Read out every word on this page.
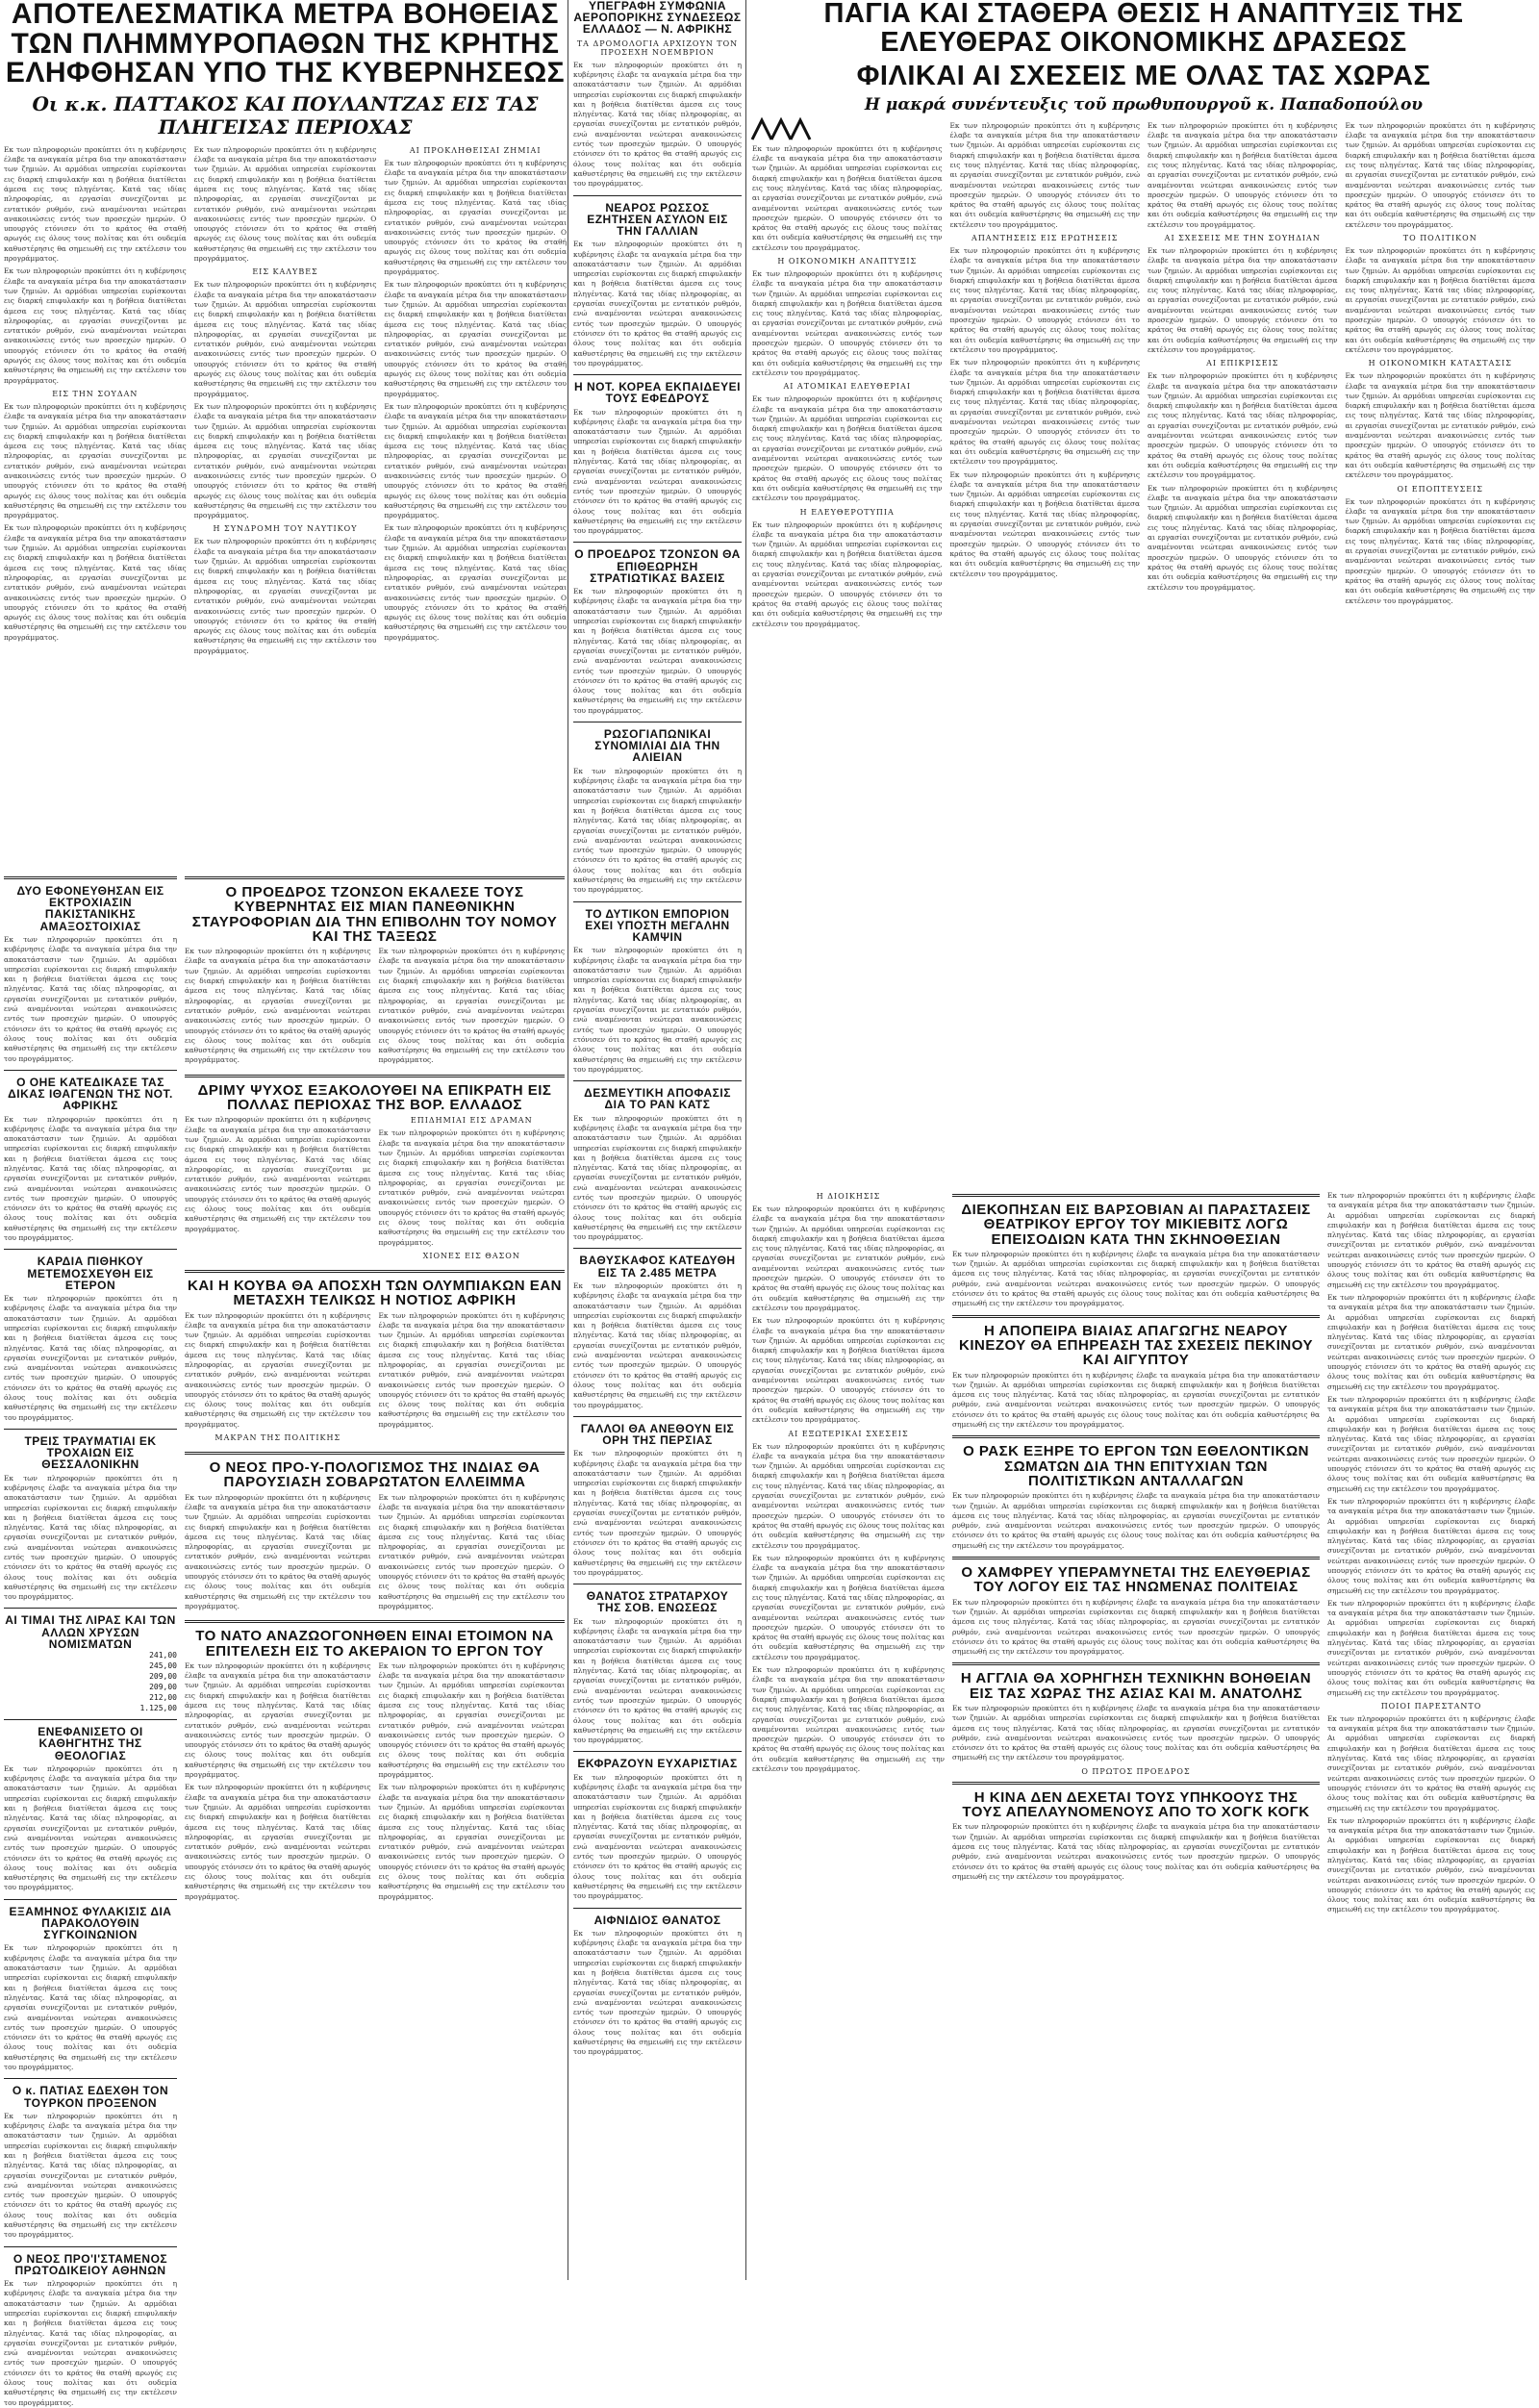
ΑΠΟΤΕΛΕΣΜΑΤΙΚΑ ΜΕΤΡΑ ΒΟΗΘΕΙΑΣ ΤΩΝ ΠΛΗΜΜΥΡΟΠΑΘΩΝ ΤΗΣ ΚΡΗΤΗΣ ΕΛΗΦΘΗΣΑΝ ΥΠΟ ΤΗΣ ΚΥΒΕΡΝΗΣΕΩΣ
Οι κ.κ. ΠΑΤΤΑΚΟΣ ΚΑΙ ΠΟΥΛΑΝΤΖΑΣ ΕΙΣ ΤΑΣ ΠΛΗΓΕΙΣΑΣ ΠΕΡΙΟΧΑΣ

Εκ των πληροφοριών προκύπτει ότι η κυβέρνησις έλαβε τα αναγκαία μέτρα δια την αποκατάστασιν των ζημιών. Αι αρμόδιαι υπηρεσίαι ευρίσκονται εις διαρκή επιφυλακήν και η βοήθεια διατίθεται άμεσα εις τους πληγέντας. Κατά τας ιδίας πληροφορίας, αι εργασίαι συνεχίζονται με εντατικόν ρυθμόν, ενώ αναμένονται νεώτεραι ανακοινώσεις εντός των προσεχών ημερών. Ο υπουργός ετόνισεν ότι το κράτος θα σταθή αρωγός εις όλους τους πολίτας και ότι ουδεμία καθυστέρησις θα σημειωθή εις την εκτέλεσιν του προγράμματος.

Εκ των πληροφοριών προκύπτει ότι η κυβέρνησις έλαβε τα αναγκαία μέτρα δια την αποκατάστασιν των ζημιών. Αι αρμόδιαι υπηρεσίαι ευρίσκονται εις διαρκή επιφυλακήν και η βοήθεια διατίθεται άμεσα εις τους πληγέντας. Κατά τας ιδίας πληροφορίας, αι εργασίαι συνεχίζονται με εντατικόν ρυθμόν, ενώ αναμένονται νεώτεραι ανακοινώσεις εντός των προσεχών ημερών. Ο υπουργός ετόνισεν ότι το κράτος θα σταθή αρωγός εις όλους τους πολίτας και ότι ουδεμία καθυστέρησις θα σημειωθή εις την εκτέλεσιν του προγράμματος.

ΕΙΣ ΤΗΝ ΣΟΥΔΑΝ

Εκ των πληροφοριών προκύπτει ότι η κυβέρνησις έλαβε τα αναγκαία μέτρα δια την αποκατάστασιν των ζημιών. Αι αρμόδιαι υπηρεσίαι ευρίσκονται εις διαρκή επιφυλακήν και η βοήθεια διατίθεται άμεσα εις τους πληγέντας. Κατά τας ιδίας πληροφορίας, αι εργασίαι συνεχίζονται με εντατικόν ρυθμόν, ενώ αναμένονται νεώτεραι ανακοινώσεις εντός των προσεχών ημερών. Ο υπουργός ετόνισεν ότι το κράτος θα σταθή αρωγός εις όλους τους πολίτας και ότι ουδεμία καθυστέρησις θα σημειωθή εις την εκτέλεσιν του προγράμματος.

Εκ των πληροφοριών προκύπτει ότι η κυβέρνησις έλαβε τα αναγκαία μέτρα δια την αποκατάστασιν των ζημιών. Αι αρμόδιαι υπηρεσίαι ευρίσκονται εις διαρκή επιφυλακήν και η βοήθεια διατίθεται άμεσα εις τους πληγέντας. Κατά τας ιδίας πληροφορίας, αι εργασίαι συνεχίζονται με εντατικόν ρυθμόν, ενώ αναμένονται νεώτεραι ανακοινώσεις εντός των προσεχών ημερών. Ο υπουργός ετόνισεν ότι το κράτος θα σταθή αρωγός εις όλους τους πολίτας και ότι ουδεμία καθυστέρησις θα σημειωθή εις την εκτέλεσιν του προγράμματος.

Εκ των πληροφοριών προκύπτει ότι η κυβέρνησις έλαβε τα αναγκαία μέτρα δια την αποκατάστασιν των ζημιών. Αι αρμόδιαι υπηρεσίαι ευρίσκονται εις διαρκή επιφυλακήν και η βοήθεια διατίθεται άμεσα εις τους πληγέντας. Κατά τας ιδίας πληροφορίας, αι εργασίαι συνεχίζονται με εντατικόν ρυθμόν, ενώ αναμένονται νεώτεραι ανακοινώσεις εντός των προσεχών ημερών. Ο υπουργός ετόνισεν ότι το κράτος θα σταθή αρωγός εις όλους τους πολίτας και ότι ουδεμία καθυστέρησις θα σημειωθή εις την εκτέλεσιν του προγράμματος.

ΕΙΣ ΚΑΛΥΒΕΣ

Εκ των πληροφοριών προκύπτει ότι η κυβέρνησις έλαβε τα αναγκαία μέτρα δια την αποκατάστασιν των ζημιών. Αι αρμόδιαι υπηρεσίαι ευρίσκονται εις διαρκή επιφυλακήν και η βοήθεια διατίθεται άμεσα εις τους πληγέντας. Κατά τας ιδίας πληροφορίας, αι εργασίαι συνεχίζονται με εντατικόν ρυθμόν, ενώ αναμένονται νεώτεραι ανακοινώσεις εντός των προσεχών ημερών. Ο υπουργός ετόνισεν ότι το κράτος θα σταθή αρωγός εις όλους τους πολίτας και ότι ουδεμία καθυστέρησις θα σημειωθή εις την εκτέλεσιν του προγράμματος.

Εκ των πληροφοριών προκύπτει ότι η κυβέρνησις έλαβε τα αναγκαία μέτρα δια την αποκατάστασιν των ζημιών. Αι αρμόδιαι υπηρεσίαι ευρίσκονται εις διαρκή επιφυλακήν και η βοήθεια διατίθεται άμεσα εις τους πληγέντας. Κατά τας ιδίας πληροφορίας, αι εργασίαι συνεχίζονται με εντατικόν ρυθμόν, ενώ αναμένονται νεώτεραι ανακοινώσεις εντός των προσεχών ημερών. Ο υπουργός ετόνισεν ότι το κράτος θα σταθή αρωγός εις όλους τους πολίτας και ότι ουδεμία καθυστέρησις θα σημειωθή εις την εκτέλεσιν του προγράμματος.

Η ΣΥΝΔΡΟΜΗ ΤΟΥ ΝΑΥΤΙΚΟΥ

Εκ των πληροφοριών προκύπτει ότι η κυβέρνησις έλαβε τα αναγκαία μέτρα δια την αποκατάστασιν των ζημιών. Αι αρμόδιαι υπηρεσίαι ευρίσκονται εις διαρκή επιφυλακήν και η βοήθεια διατίθεται άμεσα εις τους πληγέντας. Κατά τας ιδίας πληροφορίας, αι εργασίαι συνεχίζονται με εντατικόν ρυθμόν, ενώ αναμένονται νεώτεραι ανακοινώσεις εντός των προσεχών ημερών. Ο υπουργός ετόνισεν ότι το κράτος θα σταθή αρωγός εις όλους τους πολίτας και ότι ουδεμία καθυστέρησις θα σημειωθή εις την εκτέλεσιν του προγράμματος.

ΑΙ ΠΡΟΚΛΗΘΕΙΣΑΙ ΖΗΜΙΑΙ

Εκ των πληροφοριών προκύπτει ότι η κυβέρνησις έλαβε τα αναγκαία μέτρα δια την αποκατάστασιν των ζημιών. Αι αρμόδιαι υπηρεσίαι ευρίσκονται εις διαρκή επιφυλακήν και η βοήθεια διατίθεται άμεσα εις τους πληγέντας. Κατά τας ιδίας πληροφορίας, αι εργασίαι συνεχίζονται με εντατικόν ρυθμόν, ενώ αναμένονται νεώτεραι ανακοινώσεις εντός των προσεχών ημερών. Ο υπουργός ετόνισεν ότι το κράτος θα σταθή αρωγός εις όλους τους πολίτας και ότι ουδεμία καθυστέρησις θα σημειωθή εις την εκτέλεσιν του προγράμματος.

Εκ των πληροφοριών προκύπτει ότι η κυβέρνησις έλαβε τα αναγκαία μέτρα δια την αποκατάστασιν των ζημιών. Αι αρμόδιαι υπηρεσίαι ευρίσκονται εις διαρκή επιφυλακήν και η βοήθεια διατίθεται άμεσα εις τους πληγέντας. Κατά τας ιδίας πληροφορίας, αι εργασίαι συνεχίζονται με εντατικόν ρυθμόν, ενώ αναμένονται νεώτεραι ανακοινώσεις εντός των προσεχών ημερών. Ο υπουργός ετόνισεν ότι το κράτος θα σταθή αρωγός εις όλους τους πολίτας και ότι ουδεμία καθυστέρησις θα σημειωθή εις την εκτέλεσιν του προγράμματος.

Εκ των πληροφοριών προκύπτει ότι η κυβέρνησις έλαβε τα αναγκαία μέτρα δια την αποκατάστασιν των ζημιών. Αι αρμόδιαι υπηρεσίαι ευρίσκονται εις διαρκή επιφυλακήν και η βοήθεια διατίθεται άμεσα εις τους πληγέντας. Κατά τας ιδίας πληροφορίας, αι εργασίαι συνεχίζονται με εντατικόν ρυθμόν, ενώ αναμένονται νεώτεραι ανακοινώσεις εντός των προσεχών ημερών. Ο υπουργός ετόνισεν ότι το κράτος θα σταθή αρωγός εις όλους τους πολίτας και ότι ουδεμία καθυστέρησις θα σημειωθή εις την εκτέλεσιν του προγράμματος.

Εκ των πληροφοριών προκύπτει ότι η κυβέρνησις έλαβε τα αναγκαία μέτρα δια την αποκατάστασιν των ζημιών. Αι αρμόδιαι υπηρεσίαι ευρίσκονται εις διαρκή επιφυλακήν και η βοήθεια διατίθεται άμεσα εις τους πληγέντας. Κατά τας ιδίας πληροφορίας, αι εργασίαι συνεχίζονται με εντατικόν ρυθμόν, ενώ αναμένονται νεώτεραι ανακοινώσεις εντός των προσεχών ημερών. Ο υπουργός ετόνισεν ότι το κράτος θα σταθή αρωγός εις όλους τους πολίτας και ότι ουδεμία καθυστέρησις θα σημειωθή εις την εκτέλεσιν του προγράμματος.

ΔΥΟ ΕΦΟΝΕΥΘΗΣΑΝ ΕΙΣ ΕΚΤΡΟΧΙΑΣΙΝ ΠΑΚΙΣΤΑΝΙΚΗΣ ΑΜΑΞΟΣΤΟΙΧΙΑΣ

Εκ των πληροφοριών προκύπτει ότι η κυβέρνησις έλαβε τα αναγκαία μέτρα δια την αποκατάστασιν των ζημιών. Αι αρμόδιαι υπηρεσίαι ευρίσκονται εις διαρκή επιφυλακήν και η βοήθεια διατίθεται άμεσα εις τους πληγέντας. Κατά τας ιδίας πληροφορίας, αι εργασίαι συνεχίζονται με εντατικόν ρυθμόν, ενώ αναμένονται νεώτεραι ανακοινώσεις εντός των προσεχών ημερών. Ο υπουργός ετόνισεν ότι το κράτος θα σταθή αρωγός εις όλους τους πολίτας και ότι ουδεμία καθυστέρησις θα σημειωθή εις την εκτέλεσιν του προγράμματος.

Ο ΟΗΕ ΚΑΤΕΔΙΚΑΣΕ ΤΑΣ ΔΙΚΑΣ ΙΘΑΓΕΝΩΝ ΤΗΣ ΝΟΤ. ΑΦΡΙΚΗΣ

Εκ των πληροφοριών προκύπτει ότι η κυβέρνησις έλαβε τα αναγκαία μέτρα δια την αποκατάστασιν των ζημιών. Αι αρμόδιαι υπηρεσίαι ευρίσκονται εις διαρκή επιφυλακήν και η βοήθεια διατίθεται άμεσα εις τους πληγέντας. Κατά τας ιδίας πληροφορίας, αι εργασίαι συνεχίζονται με εντατικόν ρυθμόν, ενώ αναμένονται νεώτεραι ανακοινώσεις εντός των προσεχών ημερών. Ο υπουργός ετόνισεν ότι το κράτος θα σταθή αρωγός εις όλους τους πολίτας και ότι ουδεμία καθυστέρησις θα σημειωθή εις την εκτέλεσιν του προγράμματος.

ΚΑΡΔΙΑ ΠΙΘΗΚΟΥ ΜΕΤΕΜΟΣΧΕΥΘΗ ΕΙΣ ΕΤΕΡΟΝ

Εκ των πληροφοριών προκύπτει ότι η κυβέρνησις έλαβε τα αναγκαία μέτρα δια την αποκατάστασιν των ζημιών. Αι αρμόδιαι υπηρεσίαι ευρίσκονται εις διαρκή επιφυλακήν και η βοήθεια διατίθεται άμεσα εις τους πληγέντας. Κατά τας ιδίας πληροφορίας, αι εργασίαι συνεχίζονται με εντατικόν ρυθμόν, ενώ αναμένονται νεώτεραι ανακοινώσεις εντός των προσεχών ημερών. Ο υπουργός ετόνισεν ότι το κράτος θα σταθή αρωγός εις όλους τους πολίτας και ότι ουδεμία καθυστέρησις θα σημειωθή εις την εκτέλεσιν του προγράμματος.

ΤΡΕΙΣ ΤΡΑΥΜΑΤΙΑΙ ΕΚ ΤΡΟΧΑΙΩΝ ΕΙΣ ΘΕΣΣΑΛΟΝΙΚΗΝ

Εκ των πληροφοριών προκύπτει ότι η κυβέρνησις έλαβε τα αναγκαία μέτρα δια την αποκατάστασιν των ζημιών. Αι αρμόδιαι υπηρεσίαι ευρίσκονται εις διαρκή επιφυλακήν και η βοήθεια διατίθεται άμεσα εις τους πληγέντας. Κατά τας ιδίας πληροφορίας, αι εργασίαι συνεχίζονται με εντατικόν ρυθμόν, ενώ αναμένονται νεώτεραι ανακοινώσεις εντός των προσεχών ημερών. Ο υπουργός ετόνισεν ότι το κράτος θα σταθή αρωγός εις όλους τους πολίτας και ότι ουδεμία καθυστέρησις θα σημειωθή εις την εκτέλεσιν του προγράμματος.

ΑΙ ΤΙΜΑΙ ΤΗΣ ΛΙΡΑΣ ΚΑΙ ΤΩΝ ΑΛΛΩΝ ΧΡΥΣΩΝ ΝΟΜΙΣΜΑΤΩΝ
241,00
245,00
209,00
209,00
212,00
1.125,00
ΕΝΕΦΑΝΙΣΕΤΟ ΟΙ ΚΑΘΗΓΗΤΗΣ ΤΗΣ ΘΕΟΛΟΓΙΑΣ

Εκ των πληροφοριών προκύπτει ότι η κυβέρνησις έλαβε τα αναγκαία μέτρα δια την αποκατάστασιν των ζημιών. Αι αρμόδιαι υπηρεσίαι ευρίσκονται εις διαρκή επιφυλακήν και η βοήθεια διατίθεται άμεσα εις τους πληγέντας. Κατά τας ιδίας πληροφορίας, αι εργασίαι συνεχίζονται με εντατικόν ρυθμόν, ενώ αναμένονται νεώτεραι ανακοινώσεις εντός των προσεχών ημερών. Ο υπουργός ετόνισεν ότι το κράτος θα σταθή αρωγός εις όλους τους πολίτας και ότι ουδεμία καθυστέρησις θα σημειωθή εις την εκτέλεσιν του προγράμματος.

ΕΞΑΜΗΝΟΣ ΦΥΛΑΚΙΣΙΣ ΔΙΑ ΠΑΡΑΚΟΛΟΥΘΙΝ ΣΥΓΚΟΙΝΩΝΙΟΝ

Εκ των πληροφοριών προκύπτει ότι η κυβέρνησις έλαβε τα αναγκαία μέτρα δια την αποκατάστασιν των ζημιών. Αι αρμόδιαι υπηρεσίαι ευρίσκονται εις διαρκή επιφυλακήν και η βοήθεια διατίθεται άμεσα εις τους πληγέντας. Κατά τας ιδίας πληροφορίας, αι εργασίαι συνεχίζονται με εντατικόν ρυθμόν, ενώ αναμένονται νεώτεραι ανακοινώσεις εντός των προσεχών ημερών. Ο υπουργός ετόνισεν ότι το κράτος θα σταθή αρωγός εις όλους τους πολίτας και ότι ουδεμία καθυστέρησις θα σημειωθή εις την εκτέλεσιν του προγράμματος.

Ο κ. ΠΑΤΙΑΣ ΕΔΕΧΘΗ ΤΟΝ ΤΟΥΡΚΟΝ ΠΡΟΞΕΝΟΝ

Εκ των πληροφοριών προκύπτει ότι η κυβέρνησις έλαβε τα αναγκαία μέτρα δια την αποκατάστασιν των ζημιών. Αι αρμόδιαι υπηρεσίαι ευρίσκονται εις διαρκή επιφυλακήν και η βοήθεια διατίθεται άμεσα εις τους πληγέντας. Κατά τας ιδίας πληροφορίας, αι εργασίαι συνεχίζονται με εντατικόν ρυθμόν, ενώ αναμένονται νεώτεραι ανακοινώσεις εντός των προσεχών ημερών. Ο υπουργός ετόνισεν ότι το κράτος θα σταθή αρωγός εις όλους τους πολίτας και ότι ουδεμία καθυστέρησις θα σημειωθή εις την εκτέλεσιν του προγράμματος.

Ο ΝΕΟΣ ΠΡΟ'Ι'ΣΤΑΜΕΝΟΣ ΠΡΩΤΟΔΙΚΕΙΟΥ ΑΘΗΝΩΝ

Εκ των πληροφοριών προκύπτει ότι η κυβέρνησις έλαβε τα αναγκαία μέτρα δια την αποκατάστασιν των ζημιών. Αι αρμόδιαι υπηρεσίαι ευρίσκονται εις διαρκή επιφυλακήν και η βοήθεια διατίθεται άμεσα εις τους πληγέντας. Κατά τας ιδίας πληροφορίας, αι εργασίαι συνεχίζονται με εντατικόν ρυθμόν, ενώ αναμένονται νεώτεραι ανακοινώσεις εντός των προσεχών ημερών. Ο υπουργός ετόνισεν ότι το κράτος θα σταθή αρωγός εις όλους τους πολίτας και ότι ουδεμία καθυστέρησις θα σημειωθή εις την εκτέλεσιν του προγράμματος.

Ο ΠΡΟΕΔΡΟΣ ΤΖΟΝΣΟΝ ΕΚΑΛΕΣΕ ΤΟΥΣ ΚΥΒΕΡΝΗΤΑΣ ΕΙΣ ΜΙΑΝ ΠΑΝΕΘΝΙΚΗΝ ΣΤΑΥΡΟΦΟΡΙΑΝ ΔΙΑ ΤΗΝ ΕΠΙΒΟΛΗΝ ΤΟΥ ΝΟΜΟΥ ΚΑΙ ΤΗΣ ΤΑΞΕΩΣ

Εκ των πληροφοριών προκύπτει ότι η κυβέρνησις έλαβε τα αναγκαία μέτρα δια την αποκατάστασιν των ζημιών. Αι αρμόδιαι υπηρεσίαι ευρίσκονται εις διαρκή επιφυλακήν και η βοήθεια διατίθεται άμεσα εις τους πληγέντας. Κατά τας ιδίας πληροφορίας, αι εργασίαι συνεχίζονται με εντατικόν ρυθμόν, ενώ αναμένονται νεώτεραι ανακοινώσεις εντός των προσεχών ημερών. Ο υπουργός ετόνισεν ότι το κράτος θα σταθή αρωγός εις όλους τους πολίτας και ότι ουδεμία καθυστέρησις θα σημειωθή εις την εκτέλεσιν του προγράμματος.

Εκ των πληροφοριών προκύπτει ότι η κυβέρνησις έλαβε τα αναγκαία μέτρα δια την αποκατάστασιν των ζημιών. Αι αρμόδιαι υπηρεσίαι ευρίσκονται εις διαρκή επιφυλακήν και η βοήθεια διατίθεται άμεσα εις τους πληγέντας. Κατά τας ιδίας πληροφορίας, αι εργασίαι συνεχίζονται με εντατικόν ρυθμόν, ενώ αναμένονται νεώτεραι ανακοινώσεις εντός των προσεχών ημερών. Ο υπουργός ετόνισεν ότι το κράτος θα σταθή αρωγός εις όλους τους πολίτας και ότι ουδεμία καθυστέρησις θα σημειωθή εις την εκτέλεσιν του προγράμματος.

ΔΡΙΜΥ ΨΥΧΟΣ ΕΞΑΚΟΛΟΥΘΕΙ ΝΑ ΕΠΙΚΡΑΤΗ ΕΙΣ ΠΟΛΛΑΣ ΠΕΡΙΟΧΑΣ ΤΗΣ ΒΟΡ. ΕΛΛΑΔΟΣ

Εκ των πληροφοριών προκύπτει ότι η κυβέρνησις έλαβε τα αναγκαία μέτρα δια την αποκατάστασιν των ζημιών. Αι αρμόδιαι υπηρεσίαι ευρίσκονται εις διαρκή επιφυλακήν και η βοήθεια διατίθεται άμεσα εις τους πληγέντας. Κατά τας ιδίας πληροφορίας, αι εργασίαι συνεχίζονται με εντατικόν ρυθμόν, ενώ αναμένονται νεώτεραι ανακοινώσεις εντός των προσεχών ημερών. Ο υπουργός ετόνισεν ότι το κράτος θα σταθή αρωγός εις όλους τους πολίτας και ότι ουδεμία καθυστέρησις θα σημειωθή εις την εκτέλεσιν του προγράμματος.

ΕΠΙΔΗΜΙΑΙ ΕΙΣ ΔΡΑΜΑΝ

Εκ των πληροφοριών προκύπτει ότι η κυβέρνησις έλαβε τα αναγκαία μέτρα δια την αποκατάστασιν των ζημιών. Αι αρμόδιαι υπηρεσίαι ευρίσκονται εις διαρκή επιφυλακήν και η βοήθεια διατίθεται άμεσα εις τους πληγέντας. Κατά τας ιδίας πληροφορίας, αι εργασίαι συνεχίζονται με εντατικόν ρυθμόν, ενώ αναμένονται νεώτεραι ανακοινώσεις εντός των προσεχών ημερών. Ο υπουργός ετόνισεν ότι το κράτος θα σταθή αρωγός εις όλους τους πολίτας και ότι ουδεμία καθυστέρησις θα σημειωθή εις την εκτέλεσιν του προγράμματος.

ΧΙΟΝΕΣ ΕΙΣ ΘΑΣΟΝ
ΚΑΙ Η ΚΟΥΒΑ ΘΑ ΑΠΟΣΧΗ ΤΩΝ ΟΛΥΜΠΙΑΚΩΝ ΕΑΝ ΜΕΤΑΣΧΗ ΤΕΛΙΚΩΣ Η ΝΟΤΙΟΣ ΑΦΡΙΚΗ

Εκ των πληροφοριών προκύπτει ότι η κυβέρνησις έλαβε τα αναγκαία μέτρα δια την αποκατάστασιν των ζημιών. Αι αρμόδιαι υπηρεσίαι ευρίσκονται εις διαρκή επιφυλακήν και η βοήθεια διατίθεται άμεσα εις τους πληγέντας. Κατά τας ιδίας πληροφορίας, αι εργασίαι συνεχίζονται με εντατικόν ρυθμόν, ενώ αναμένονται νεώτεραι ανακοινώσεις εντός των προσεχών ημερών. Ο υπουργός ετόνισεν ότι το κράτος θα σταθή αρωγός εις όλους τους πολίτας και ότι ουδεμία καθυστέρησις θα σημειωθή εις την εκτέλεσιν του προγράμματος.

ΜΑΚΡΑΝ ΤΗΣ ΠΟΛΙΤΙΚΗΣ

Εκ των πληροφοριών προκύπτει ότι η κυβέρνησις έλαβε τα αναγκαία μέτρα δια την αποκατάστασιν των ζημιών. Αι αρμόδιαι υπηρεσίαι ευρίσκονται εις διαρκή επιφυλακήν και η βοήθεια διατίθεται άμεσα εις τους πληγέντας. Κατά τας ιδίας πληροφορίας, αι εργασίαι συνεχίζονται με εντατικόν ρυθμόν, ενώ αναμένονται νεώτεραι ανακοινώσεις εντός των προσεχών ημερών. Ο υπουργός ετόνισεν ότι το κράτος θα σταθή αρωγός εις όλους τους πολίτας και ότι ουδεμία καθυστέρησις θα σημειωθή εις την εκτέλεσιν του προγράμματος.

Ο ΝΕΟΣ ΠΡΟ-Υ-ΠΟΛΟΓΙΣΜΟΣ ΤΗΣ ΙΝΔΙΑΣ ΘΑ ΠΑΡΟΥΣΙΑΣΗ ΣΟΒΑΡΩΤΑΤΟΝ ΕΛΛΕΙΜΜΑ

Εκ των πληροφοριών προκύπτει ότι η κυβέρνησις έλαβε τα αναγκαία μέτρα δια την αποκατάστασιν των ζημιών. Αι αρμόδιαι υπηρεσίαι ευρίσκονται εις διαρκή επιφυλακήν και η βοήθεια διατίθεται άμεσα εις τους πληγέντας. Κατά τας ιδίας πληροφορίας, αι εργασίαι συνεχίζονται με εντατικόν ρυθμόν, ενώ αναμένονται νεώτεραι ανακοινώσεις εντός των προσεχών ημερών. Ο υπουργός ετόνισεν ότι το κράτος θα σταθή αρωγός εις όλους τους πολίτας και ότι ουδεμία καθυστέρησις θα σημειωθή εις την εκτέλεσιν του προγράμματος.

Εκ των πληροφοριών προκύπτει ότι η κυβέρνησις έλαβε τα αναγκαία μέτρα δια την αποκατάστασιν των ζημιών. Αι αρμόδιαι υπηρεσίαι ευρίσκονται εις διαρκή επιφυλακήν και η βοήθεια διατίθεται άμεσα εις τους πληγέντας. Κατά τας ιδίας πληροφορίας, αι εργασίαι συνεχίζονται με εντατικόν ρυθμόν, ενώ αναμένονται νεώτεραι ανακοινώσεις εντός των προσεχών ημερών. Ο υπουργός ετόνισεν ότι το κράτος θα σταθή αρωγός εις όλους τους πολίτας και ότι ουδεμία καθυστέρησις θα σημειωθή εις την εκτέλεσιν του προγράμματος.

ΤΟ ΝΑΤΟ ΑΝΑΖΩΟΓΟΝΗΘΕΝ ΕΙΝΑΙ ΕΤΟΙΜΟΝ ΝΑ ΕΠΙΤΕΛΕΣΗ ΕΙΣ ΤΟ ΑΚΕΡΑΙΟΝ ΤΟ ΕΡΓΟΝ ΤΟΥ

Εκ των πληροφοριών προκύπτει ότι η κυβέρνησις έλαβε τα αναγκαία μέτρα δια την αποκατάστασιν των ζημιών. Αι αρμόδιαι υπηρεσίαι ευρίσκονται εις διαρκή επιφυλακήν και η βοήθεια διατίθεται άμεσα εις τους πληγέντας. Κατά τας ιδίας πληροφορίας, αι εργασίαι συνεχίζονται με εντατικόν ρυθμόν, ενώ αναμένονται νεώτεραι ανακοινώσεις εντός των προσεχών ημερών. Ο υπουργός ετόνισεν ότι το κράτος θα σταθή αρωγός εις όλους τους πολίτας και ότι ουδεμία καθυστέρησις θα σημειωθή εις την εκτέλεσιν του προγράμματος.

Εκ των πληροφοριών προκύπτει ότι η κυβέρνησις έλαβε τα αναγκαία μέτρα δια την αποκατάστασιν των ζημιών. Αι αρμόδιαι υπηρεσίαι ευρίσκονται εις διαρκή επιφυλακήν και η βοήθεια διατίθεται άμεσα εις τους πληγέντας. Κατά τας ιδίας πληροφορίας, αι εργασίαι συνεχίζονται με εντατικόν ρυθμόν, ενώ αναμένονται νεώτεραι ανακοινώσεις εντός των προσεχών ημερών. Ο υπουργός ετόνισεν ότι το κράτος θα σταθή αρωγός εις όλους τους πολίτας και ότι ουδεμία καθυστέρησις θα σημειωθή εις την εκτέλεσιν του προγράμματος.

Εκ των πληροφοριών προκύπτει ότι η κυβέρνησις έλαβε τα αναγκαία μέτρα δια την αποκατάστασιν των ζημιών. Αι αρμόδιαι υπηρεσίαι ευρίσκονται εις διαρκή επιφυλακήν και η βοήθεια διατίθεται άμεσα εις τους πληγέντας. Κατά τας ιδίας πληροφορίας, αι εργασίαι συνεχίζονται με εντατικόν ρυθμόν, ενώ αναμένονται νεώτεραι ανακοινώσεις εντός των προσεχών ημερών. Ο υπουργός ετόνισεν ότι το κράτος θα σταθή αρωγός εις όλους τους πολίτας και ότι ουδεμία καθυστέρησις θα σημειωθή εις την εκτέλεσιν του προγράμματος.

Εκ των πληροφοριών προκύπτει ότι η κυβέρνησις έλαβε τα αναγκαία μέτρα δια την αποκατάστασιν των ζημιών. Αι αρμόδιαι υπηρεσίαι ευρίσκονται εις διαρκή επιφυλακήν και η βοήθεια διατίθεται άμεσα εις τους πληγέντας. Κατά τας ιδίας πληροφορίας, αι εργασίαι συνεχίζονται με εντατικόν ρυθμόν, ενώ αναμένονται νεώτεραι ανακοινώσεις εντός των προσεχών ημερών. Ο υπουργός ετόνισεν ότι το κράτος θα σταθή αρωγός εις όλους τους πολίτας και ότι ουδεμία καθυστέρησις θα σημειωθή εις την εκτέλεσιν του προγράμματος.

ΥΠΕΓΡΑΦΗ ΣΥΜΦΩΝΙΑ ΑΕΡΟΠΟΡΙΚΗΣ ΣΥΝΔΕΣΕΩΣ ΕΛΛΑΔΟΣ — Ν. ΑΦΡΙΚΗΣ
ΤΑ ΔΡΟΜΟΛΟΓΙΑ ΑΡΧΙΖΟΥΝ ΤΟΝ ΠΡΟΣΕΧΗ ΝΟΕΜΒΡΙΟΝ

Εκ των πληροφοριών προκύπτει ότι η κυβέρνησις έλαβε τα αναγκαία μέτρα δια την αποκατάστασιν των ζημιών. Αι αρμόδιαι υπηρεσίαι ευρίσκονται εις διαρκή επιφυλακήν και η βοήθεια διατίθεται άμεσα εις τους πληγέντας. Κατά τας ιδίας πληροφορίας, αι εργασίαι συνεχίζονται με εντατικόν ρυθμόν, ενώ αναμένονται νεώτεραι ανακοινώσεις εντός των προσεχών ημερών. Ο υπουργός ετόνισεν ότι το κράτος θα σταθή αρωγός εις όλους τους πολίτας και ότι ουδεμία καθυστέρησις θα σημειωθή εις την εκτέλεσιν του προγράμματος.

ΝΕΑΡΟΣ ΡΩΣΣΟΣ ΕΖΗΤΗΣΕΝ ΑΣΥΛΟΝ ΕΙΣ ΤΗΝ ΓΑΛΛΙΑΝ

Εκ των πληροφοριών προκύπτει ότι η κυβέρνησις έλαβε τα αναγκαία μέτρα δια την αποκατάστασιν των ζημιών. Αι αρμόδιαι υπηρεσίαι ευρίσκονται εις διαρκή επιφυλακήν και η βοήθεια διατίθεται άμεσα εις τους πληγέντας. Κατά τας ιδίας πληροφορίας, αι εργασίαι συνεχίζονται με εντατικόν ρυθμόν, ενώ αναμένονται νεώτεραι ανακοινώσεις εντός των προσεχών ημερών. Ο υπουργός ετόνισεν ότι το κράτος θα σταθή αρωγός εις όλους τους πολίτας και ότι ουδεμία καθυστέρησις θα σημειωθή εις την εκτέλεσιν του προγράμματος.

Η ΝΟΤ. ΚΟΡΕΑ ΕΚΠΑΙΔΕΥΕΙ ΤΟΥΣ ΕΦΕΔΡΟΥΣ

Εκ των πληροφοριών προκύπτει ότι η κυβέρνησις έλαβε τα αναγκαία μέτρα δια την αποκατάστασιν των ζημιών. Αι αρμόδιαι υπηρεσίαι ευρίσκονται εις διαρκή επιφυλακήν και η βοήθεια διατίθεται άμεσα εις τους πληγέντας. Κατά τας ιδίας πληροφορίας, αι εργασίαι συνεχίζονται με εντατικόν ρυθμόν, ενώ αναμένονται νεώτεραι ανακοινώσεις εντός των προσεχών ημερών. Ο υπουργός ετόνισεν ότι το κράτος θα σταθή αρωγός εις όλους τους πολίτας και ότι ουδεμία καθυστέρησις θα σημειωθή εις την εκτέλεσιν του προγράμματος.

Ο ΠΡΟΕΔΡΟΣ ΤΖΟΝΣΟΝ ΘΑ ΕΠΙΘΕΩΡΗΣΗ ΣΤΡΑΤΙΩΤΙΚΑΣ ΒΑΣΕΙΣ

Εκ των πληροφοριών προκύπτει ότι η κυβέρνησις έλαβε τα αναγκαία μέτρα δια την αποκατάστασιν των ζημιών. Αι αρμόδιαι υπηρεσίαι ευρίσκονται εις διαρκή επιφυλακήν και η βοήθεια διατίθεται άμεσα εις τους πληγέντας. Κατά τας ιδίας πληροφορίας, αι εργασίαι συνεχίζονται με εντατικόν ρυθμόν, ενώ αναμένονται νεώτεραι ανακοινώσεις εντός των προσεχών ημερών. Ο υπουργός ετόνισεν ότι το κράτος θα σταθή αρωγός εις όλους τους πολίτας και ότι ουδεμία καθυστέρησις θα σημειωθή εις την εκτέλεσιν του προγράμματος.

ΡΩΣΟΓΙΑΠΩΝΙΚΑΙ ΣΥΝΟΜΙΛΙΑΙ ΔΙΑ ΤΗΝ ΑΛΙΕΙΑΝ

Εκ των πληροφοριών προκύπτει ότι η κυβέρνησις έλαβε τα αναγκαία μέτρα δια την αποκατάστασιν των ζημιών. Αι αρμόδιαι υπηρεσίαι ευρίσκονται εις διαρκή επιφυλακήν και η βοήθεια διατίθεται άμεσα εις τους πληγέντας. Κατά τας ιδίας πληροφορίας, αι εργασίαι συνεχίζονται με εντατικόν ρυθμόν, ενώ αναμένονται νεώτεραι ανακοινώσεις εντός των προσεχών ημερών. Ο υπουργός ετόνισεν ότι το κράτος θα σταθή αρωγός εις όλους τους πολίτας και ότι ουδεμία καθυστέρησις θα σημειωθή εις την εκτέλεσιν του προγράμματος.

ΤΟ ΔΥΤΙΚΟΝ ΕΜΠΟΡΙΟΝ ΕΧΕΙ ΥΠΟΣΤΗ ΜΕΓΑΛΗΝ ΚΑΜΨΙΝ

Εκ των πληροφοριών προκύπτει ότι η κυβέρνησις έλαβε τα αναγκαία μέτρα δια την αποκατάστασιν των ζημιών. Αι αρμόδιαι υπηρεσίαι ευρίσκονται εις διαρκή επιφυλακήν και η βοήθεια διατίθεται άμεσα εις τους πληγέντας. Κατά τας ιδίας πληροφορίας, αι εργασίαι συνεχίζονται με εντατικόν ρυθμόν, ενώ αναμένονται νεώτεραι ανακοινώσεις εντός των προσεχών ημερών. Ο υπουργός ετόνισεν ότι το κράτος θα σταθή αρωγός εις όλους τους πολίτας και ότι ουδεμία καθυστέρησις θα σημειωθή εις την εκτέλεσιν του προγράμματος.

ΔΕΣΜΕΥΤΙΚΗ ΑΠΟΦΑΣΙΣ ΔΙΑ ΤΟ ΡΑΝ ΚΑΤΣ

Εκ των πληροφοριών προκύπτει ότι η κυβέρνησις έλαβε τα αναγκαία μέτρα δια την αποκατάστασιν των ζημιών. Αι αρμόδιαι υπηρεσίαι ευρίσκονται εις διαρκή επιφυλακήν και η βοήθεια διατίθεται άμεσα εις τους πληγέντας. Κατά τας ιδίας πληροφορίας, αι εργασίαι συνεχίζονται με εντατικόν ρυθμόν, ενώ αναμένονται νεώτεραι ανακοινώσεις εντός των προσεχών ημερών. Ο υπουργός ετόνισεν ότι το κράτος θα σταθή αρωγός εις όλους τους πολίτας και ότι ουδεμία καθυστέρησις θα σημειωθή εις την εκτέλεσιν του προγράμματος.

ΒΑΘΥΣΚΑΦΟΣ ΚΑΤΕΔΥΘΗ ΕΙΣ ΤΑ 2.485 ΜΕΤΡΑ

Εκ των πληροφοριών προκύπτει ότι η κυβέρνησις έλαβε τα αναγκαία μέτρα δια την αποκατάστασιν των ζημιών. Αι αρμόδιαι υπηρεσίαι ευρίσκονται εις διαρκή επιφυλακήν και η βοήθεια διατίθεται άμεσα εις τους πληγέντας. Κατά τας ιδίας πληροφορίας, αι εργασίαι συνεχίζονται με εντατικόν ρυθμόν, ενώ αναμένονται νεώτεραι ανακοινώσεις εντός των προσεχών ημερών. Ο υπουργός ετόνισεν ότι το κράτος θα σταθή αρωγός εις όλους τους πολίτας και ότι ουδεμία καθυστέρησις θα σημειωθή εις την εκτέλεσιν του προγράμματος.

ΓΑΛΛΟΙ ΘΑ ΑΝΕΘΟΥΝ ΕΙΣ ΟΡΗ ΤΗΣ ΠΕΡΣΙΑΣ

Εκ των πληροφοριών προκύπτει ότι η κυβέρνησις έλαβε τα αναγκαία μέτρα δια την αποκατάστασιν των ζημιών. Αι αρμόδιαι υπηρεσίαι ευρίσκονται εις διαρκή επιφυλακήν και η βοήθεια διατίθεται άμεσα εις τους πληγέντας. Κατά τας ιδίας πληροφορίας, αι εργασίαι συνεχίζονται με εντατικόν ρυθμόν, ενώ αναμένονται νεώτεραι ανακοινώσεις εντός των προσεχών ημερών. Ο υπουργός ετόνισεν ότι το κράτος θα σταθή αρωγός εις όλους τους πολίτας και ότι ουδεμία καθυστέρησις θα σημειωθή εις την εκτέλεσιν του προγράμματος.

ΘΑΝΑΤΟΣ ΣΤΡΑΤΑΡΧΟΥ ΤΗΣ ΣΟΒ. ΕΝΩΣΕΩΣ

Εκ των πληροφοριών προκύπτει ότι η κυβέρνησις έλαβε τα αναγκαία μέτρα δια την αποκατάστασιν των ζημιών. Αι αρμόδιαι υπηρεσίαι ευρίσκονται εις διαρκή επιφυλακήν και η βοήθεια διατίθεται άμεσα εις τους πληγέντας. Κατά τας ιδίας πληροφορίας, αι εργασίαι συνεχίζονται με εντατικόν ρυθμόν, ενώ αναμένονται νεώτεραι ανακοινώσεις εντός των προσεχών ημερών. Ο υπουργός ετόνισεν ότι το κράτος θα σταθή αρωγός εις όλους τους πολίτας και ότι ουδεμία καθυστέρησις θα σημειωθή εις την εκτέλεσιν του προγράμματος.

ΕΚΦΡΑΖΟΥΝ ΕΥΧΑΡΙΣΤΙΑΣ

Εκ των πληροφοριών προκύπτει ότι η κυβέρνησις έλαβε τα αναγκαία μέτρα δια την αποκατάστασιν των ζημιών. Αι αρμόδιαι υπηρεσίαι ευρίσκονται εις διαρκή επιφυλακήν και η βοήθεια διατίθεται άμεσα εις τους πληγέντας. Κατά τας ιδίας πληροφορίας, αι εργασίαι συνεχίζονται με εντατικόν ρυθμόν, ενώ αναμένονται νεώτεραι ανακοινώσεις εντός των προσεχών ημερών. Ο υπουργός ετόνισεν ότι το κράτος θα σταθή αρωγός εις όλους τους πολίτας και ότι ουδεμία καθυστέρησις θα σημειωθή εις την εκτέλεσιν του προγράμματος.

ΑΙΦΝΙΔΙΟΣ ΘΑΝΑΤΟΣ

Εκ των πληροφοριών προκύπτει ότι η κυβέρνησις έλαβε τα αναγκαία μέτρα δια την αποκατάστασιν των ζημιών. Αι αρμόδιαι υπηρεσίαι ευρίσκονται εις διαρκή επιφυλακήν και η βοήθεια διατίθεται άμεσα εις τους πληγέντας. Κατά τας ιδίας πληροφορίας, αι εργασίαι συνεχίζονται με εντατικόν ρυθμόν, ενώ αναμένονται νεώτεραι ανακοινώσεις εντός των προσεχών ημερών. Ο υπουργός ετόνισεν ότι το κράτος θα σταθή αρωγός εις όλους τους πολίτας και ότι ουδεμία καθυστέρησις θα σημειωθή εις την εκτέλεσιν του προγράμματος.

ΠΑΓΙΑ ΚΑΙ ΣΤΑΘΕΡΑ ΘΕΣΙΣ Η ΑΝΑΠΤΥΞΙΣ ΤΗΣ ΕΛΕΥΘΕΡΑΣ ΟΙΚΟΝΟΜΙΚΗΣ ΔΡΑΣΕΩΣ
ΦΙΛΙΚΑΙ ΑΙ ΣΧΕΣΕΙΣ ΜΕ ΟΛΑΣ ΤΑΣ ΧΩΡΑΣ
Η μακρά συνέντευξις τοῦ πρωθυπουργοῦ κ. Παπαδοπούλου

Εκ των πληροφοριών προκύπτει ότι η κυβέρνησις έλαβε τα αναγκαία μέτρα δια την αποκατάστασιν των ζημιών. Αι αρμόδιαι υπηρεσίαι ευρίσκονται εις διαρκή επιφυλακήν και η βοήθεια διατίθεται άμεσα εις τους πληγέντας. Κατά τας ιδίας πληροφορίας, αι εργασίαι συνεχίζονται με εντατικόν ρυθμόν, ενώ αναμένονται νεώτεραι ανακοινώσεις εντός των προσεχών ημερών. Ο υπουργός ετόνισεν ότι το κράτος θα σταθή αρωγός εις όλους τους πολίτας και ότι ουδεμία καθυστέρησις θα σημειωθή εις την εκτέλεσιν του προγράμματος.

Η ΟΙΚΟΝΟΜΙΚΗ ΑΝΑΠΤΥΞΙΣ

Εκ των πληροφοριών προκύπτει ότι η κυβέρνησις έλαβε τα αναγκαία μέτρα δια την αποκατάστασιν των ζημιών. Αι αρμόδιαι υπηρεσίαι ευρίσκονται εις διαρκή επιφυλακήν και η βοήθεια διατίθεται άμεσα εις τους πληγέντας. Κατά τας ιδίας πληροφορίας, αι εργασίαι συνεχίζονται με εντατικόν ρυθμόν, ενώ αναμένονται νεώτεραι ανακοινώσεις εντός των προσεχών ημερών. Ο υπουργός ετόνισεν ότι το κράτος θα σταθή αρωγός εις όλους τους πολίτας και ότι ουδεμία καθυστέρησις θα σημειωθή εις την εκτέλεσιν του προγράμματος.

ΑΙ ΑΤΟΜΙΚΑΙ ΕΛΕΥΘΕΡΙΑΙ

Εκ των πληροφοριών προκύπτει ότι η κυβέρνησις έλαβε τα αναγκαία μέτρα δια την αποκατάστασιν των ζημιών. Αι αρμόδιαι υπηρεσίαι ευρίσκονται εις διαρκή επιφυλακήν και η βοήθεια διατίθεται άμεσα εις τους πληγέντας. Κατά τας ιδίας πληροφορίας, αι εργασίαι συνεχίζονται με εντατικόν ρυθμόν, ενώ αναμένονται νεώτεραι ανακοινώσεις εντός των προσεχών ημερών. Ο υπουργός ετόνισεν ότι το κράτος θα σταθή αρωγός εις όλους τους πολίτας και ότι ουδεμία καθυστέρησις θα σημειωθή εις την εκτέλεσιν του προγράμματος.

Η ΕΛΕΥΘΕΡΟΤΥΠΙΑ

Εκ των πληροφοριών προκύπτει ότι η κυβέρνησις έλαβε τα αναγκαία μέτρα δια την αποκατάστασιν των ζημιών. Αι αρμόδιαι υπηρεσίαι ευρίσκονται εις διαρκή επιφυλακήν και η βοήθεια διατίθεται άμεσα εις τους πληγέντας. Κατά τας ιδίας πληροφορίας, αι εργασίαι συνεχίζονται με εντατικόν ρυθμόν, ενώ αναμένονται νεώτεραι ανακοινώσεις εντός των προσεχών ημερών. Ο υπουργός ετόνισεν ότι το κράτος θα σταθή αρωγός εις όλους τους πολίτας και ότι ουδεμία καθυστέρησις θα σημειωθή εις την εκτέλεσιν του προγράμματος.

Εκ των πληροφοριών προκύπτει ότι η κυβέρνησις έλαβε τα αναγκαία μέτρα δια την αποκατάστασιν των ζημιών. Αι αρμόδιαι υπηρεσίαι ευρίσκονται εις διαρκή επιφυλακήν και η βοήθεια διατίθεται άμεσα εις τους πληγέντας. Κατά τας ιδίας πληροφορίας, αι εργασίαι συνεχίζονται με εντατικόν ρυθμόν, ενώ αναμένονται νεώτεραι ανακοινώσεις εντός των προσεχών ημερών. Ο υπουργός ετόνισεν ότι το κράτος θα σταθή αρωγός εις όλους τους πολίτας και ότι ουδεμία καθυστέρησις θα σημειωθή εις την εκτέλεσιν του προγράμματος.

ΑΠΑΝΤΗΣΕΙΣ ΕΙΣ ΕΡΩΤΗΣΕΙΣ

Εκ των πληροφοριών προκύπτει ότι η κυβέρνησις έλαβε τα αναγκαία μέτρα δια την αποκατάστασιν των ζημιών. Αι αρμόδιαι υπηρεσίαι ευρίσκονται εις διαρκή επιφυλακήν και η βοήθεια διατίθεται άμεσα εις τους πληγέντας. Κατά τας ιδίας πληροφορίας, αι εργασίαι συνεχίζονται με εντατικόν ρυθμόν, ενώ αναμένονται νεώτεραι ανακοινώσεις εντός των προσεχών ημερών. Ο υπουργός ετόνισεν ότι το κράτος θα σταθή αρωγός εις όλους τους πολίτας και ότι ουδεμία καθυστέρησις θα σημειωθή εις την εκτέλεσιν του προγράμματος.

Εκ των πληροφοριών προκύπτει ότι η κυβέρνησις έλαβε τα αναγκαία μέτρα δια την αποκατάστασιν των ζημιών. Αι αρμόδιαι υπηρεσίαι ευρίσκονται εις διαρκή επιφυλακήν και η βοήθεια διατίθεται άμεσα εις τους πληγέντας. Κατά τας ιδίας πληροφορίας, αι εργασίαι συνεχίζονται με εντατικόν ρυθμόν, ενώ αναμένονται νεώτεραι ανακοινώσεις εντός των προσεχών ημερών. Ο υπουργός ετόνισεν ότι το κράτος θα σταθή αρωγός εις όλους τους πολίτας και ότι ουδεμία καθυστέρησις θα σημειωθή εις την εκτέλεσιν του προγράμματος.

Εκ των πληροφοριών προκύπτει ότι η κυβέρνησις έλαβε τα αναγκαία μέτρα δια την αποκατάστασιν των ζημιών. Αι αρμόδιαι υπηρεσίαι ευρίσκονται εις διαρκή επιφυλακήν και η βοήθεια διατίθεται άμεσα εις τους πληγέντας. Κατά τας ιδίας πληροφορίας, αι εργασίαι συνεχίζονται με εντατικόν ρυθμόν, ενώ αναμένονται νεώτεραι ανακοινώσεις εντός των προσεχών ημερών. Ο υπουργός ετόνισεν ότι το κράτος θα σταθή αρωγός εις όλους τους πολίτας και ότι ουδεμία καθυστέρησις θα σημειωθή εις την εκτέλεσιν του προγράμματος.

Εκ των πληροφοριών προκύπτει ότι η κυβέρνησις έλαβε τα αναγκαία μέτρα δια την αποκατάστασιν των ζημιών. Αι αρμόδιαι υπηρεσίαι ευρίσκονται εις διαρκή επιφυλακήν και η βοήθεια διατίθεται άμεσα εις τους πληγέντας. Κατά τας ιδίας πληροφορίας, αι εργασίαι συνεχίζονται με εντατικόν ρυθμόν, ενώ αναμένονται νεώτεραι ανακοινώσεις εντός των προσεχών ημερών. Ο υπουργός ετόνισεν ότι το κράτος θα σταθή αρωγός εις όλους τους πολίτας και ότι ουδεμία καθυστέρησις θα σημειωθή εις την εκτέλεσιν του προγράμματος.

ΑΙ ΣΧΕΣΕΙΣ ΜΕ ΤΗΝ ΣΟΥΗΔΙΑΝ

Εκ των πληροφοριών προκύπτει ότι η κυβέρνησις έλαβε τα αναγκαία μέτρα δια την αποκατάστασιν των ζημιών. Αι αρμόδιαι υπηρεσίαι ευρίσκονται εις διαρκή επιφυλακήν και η βοήθεια διατίθεται άμεσα εις τους πληγέντας. Κατά τας ιδίας πληροφορίας, αι εργασίαι συνεχίζονται με εντατικόν ρυθμόν, ενώ αναμένονται νεώτεραι ανακοινώσεις εντός των προσεχών ημερών. Ο υπουργός ετόνισεν ότι το κράτος θα σταθή αρωγός εις όλους τους πολίτας και ότι ουδεμία καθυστέρησις θα σημειωθή εις την εκτέλεσιν του προγράμματος.

ΑΙ ΕΠΙΚΡΙΣΕΙΣ

Εκ των πληροφοριών προκύπτει ότι η κυβέρνησις έλαβε τα αναγκαία μέτρα δια την αποκατάστασιν των ζημιών. Αι αρμόδιαι υπηρεσίαι ευρίσκονται εις διαρκή επιφυλακήν και η βοήθεια διατίθεται άμεσα εις τους πληγέντας. Κατά τας ιδίας πληροφορίας, αι εργασίαι συνεχίζονται με εντατικόν ρυθμόν, ενώ αναμένονται νεώτεραι ανακοινώσεις εντός των προσεχών ημερών. Ο υπουργός ετόνισεν ότι το κράτος θα σταθή αρωγός εις όλους τους πολίτας και ότι ουδεμία καθυστέρησις θα σημειωθή εις την εκτέλεσιν του προγράμματος.

Εκ των πληροφοριών προκύπτει ότι η κυβέρνησις έλαβε τα αναγκαία μέτρα δια την αποκατάστασιν των ζημιών. Αι αρμόδιαι υπηρεσίαι ευρίσκονται εις διαρκή επιφυλακήν και η βοήθεια διατίθεται άμεσα εις τους πληγέντας. Κατά τας ιδίας πληροφορίας, αι εργασίαι συνεχίζονται με εντατικόν ρυθμόν, ενώ αναμένονται νεώτεραι ανακοινώσεις εντός των προσεχών ημερών. Ο υπουργός ετόνισεν ότι το κράτος θα σταθή αρωγός εις όλους τους πολίτας και ότι ουδεμία καθυστέρησις θα σημειωθή εις την εκτέλεσιν του προγράμματος.

Εκ των πληροφοριών προκύπτει ότι η κυβέρνησις έλαβε τα αναγκαία μέτρα δια την αποκατάστασιν των ζημιών. Αι αρμόδιαι υπηρεσίαι ευρίσκονται εις διαρκή επιφυλακήν και η βοήθεια διατίθεται άμεσα εις τους πληγέντας. Κατά τας ιδίας πληροφορίας, αι εργασίαι συνεχίζονται με εντατικόν ρυθμόν, ενώ αναμένονται νεώτεραι ανακοινώσεις εντός των προσεχών ημερών. Ο υπουργός ετόνισεν ότι το κράτος θα σταθή αρωγός εις όλους τους πολίτας και ότι ουδεμία καθυστέρησις θα σημειωθή εις την εκτέλεσιν του προγράμματος.

ΤΟ ΠΟΛΙΤΙΚΟΝ

Εκ των πληροφοριών προκύπτει ότι η κυβέρνησις έλαβε τα αναγκαία μέτρα δια την αποκατάστασιν των ζημιών. Αι αρμόδιαι υπηρεσίαι ευρίσκονται εις διαρκή επιφυλακήν και η βοήθεια διατίθεται άμεσα εις τους πληγέντας. Κατά τας ιδίας πληροφορίας, αι εργασίαι συνεχίζονται με εντατικόν ρυθμόν, ενώ αναμένονται νεώτεραι ανακοινώσεις εντός των προσεχών ημερών. Ο υπουργός ετόνισεν ότι το κράτος θα σταθή αρωγός εις όλους τους πολίτας και ότι ουδεμία καθυστέρησις θα σημειωθή εις την εκτέλεσιν του προγράμματος.

Η ΟΙΚΟΝΟΜΙΚΗ ΚΑΤΑΣΤΑΣΙΣ

Εκ των πληροφοριών προκύπτει ότι η κυβέρνησις έλαβε τα αναγκαία μέτρα δια την αποκατάστασιν των ζημιών. Αι αρμόδιαι υπηρεσίαι ευρίσκονται εις διαρκή επιφυλακήν και η βοήθεια διατίθεται άμεσα εις τους πληγέντας. Κατά τας ιδίας πληροφορίας, αι εργασίαι συνεχίζονται με εντατικόν ρυθμόν, ενώ αναμένονται νεώτεραι ανακοινώσεις εντός των προσεχών ημερών. Ο υπουργός ετόνισεν ότι το κράτος θα σταθή αρωγός εις όλους τους πολίτας και ότι ουδεμία καθυστέρησις θα σημειωθή εις την εκτέλεσιν του προγράμματος.

ΟΙ ΕΠΟΠΤΕΥΣΕΙΣ

Εκ των πληροφοριών προκύπτει ότι η κυβέρνησις έλαβε τα αναγκαία μέτρα δια την αποκατάστασιν των ζημιών. Αι αρμόδιαι υπηρεσίαι ευρίσκονται εις διαρκή επιφυλακήν και η βοήθεια διατίθεται άμεσα εις τους πληγέντας. Κατά τας ιδίας πληροφορίας, αι εργασίαι συνεχίζονται με εντατικόν ρυθμόν, ενώ αναμένονται νεώτεραι ανακοινώσεις εντός των προσεχών ημερών. Ο υπουργός ετόνισεν ότι το κράτος θα σταθή αρωγός εις όλους τους πολίτας και ότι ουδεμία καθυστέρησις θα σημειωθή εις την εκτέλεσιν του προγράμματος.

Η ΔΙΟΙΚΗΣΙΣ

Εκ των πληροφοριών προκύπτει ότι η κυβέρνησις έλαβε τα αναγκαία μέτρα δια την αποκατάστασιν των ζημιών. Αι αρμόδιαι υπηρεσίαι ευρίσκονται εις διαρκή επιφυλακήν και η βοήθεια διατίθεται άμεσα εις τους πληγέντας. Κατά τας ιδίας πληροφορίας, αι εργασίαι συνεχίζονται με εντατικόν ρυθμόν, ενώ αναμένονται νεώτεραι ανακοινώσεις εντός των προσεχών ημερών. Ο υπουργός ετόνισεν ότι το κράτος θα σταθή αρωγός εις όλους τους πολίτας και ότι ουδεμία καθυστέρησις θα σημειωθή εις την εκτέλεσιν του προγράμματος.

Εκ των πληροφοριών προκύπτει ότι η κυβέρνησις έλαβε τα αναγκαία μέτρα δια την αποκατάστασιν των ζημιών. Αι αρμόδιαι υπηρεσίαι ευρίσκονται εις διαρκή επιφυλακήν και η βοήθεια διατίθεται άμεσα εις τους πληγέντας. Κατά τας ιδίας πληροφορίας, αι εργασίαι συνεχίζονται με εντατικόν ρυθμόν, ενώ αναμένονται νεώτεραι ανακοινώσεις εντός των προσεχών ημερών. Ο υπουργός ετόνισεν ότι το κράτος θα σταθή αρωγός εις όλους τους πολίτας και ότι ουδεμία καθυστέρησις θα σημειωθή εις την εκτέλεσιν του προγράμματος.

ΑΙ ΕΞΩΤΕΡΙΚΑΙ ΣΧΕΣΕΙΣ

Εκ των πληροφοριών προκύπτει ότι η κυβέρνησις έλαβε τα αναγκαία μέτρα δια την αποκατάστασιν των ζημιών. Αι αρμόδιαι υπηρεσίαι ευρίσκονται εις διαρκή επιφυλακήν και η βοήθεια διατίθεται άμεσα εις τους πληγέντας. Κατά τας ιδίας πληροφορίας, αι εργασίαι συνεχίζονται με εντατικόν ρυθμόν, ενώ αναμένονται νεώτεραι ανακοινώσεις εντός των προσεχών ημερών. Ο υπουργός ετόνισεν ότι το κράτος θα σταθή αρωγός εις όλους τους πολίτας και ότι ουδεμία καθυστέρησις θα σημειωθή εις την εκτέλεσιν του προγράμματος.

Εκ των πληροφοριών προκύπτει ότι η κυβέρνησις έλαβε τα αναγκαία μέτρα δια την αποκατάστασιν των ζημιών. Αι αρμόδιαι υπηρεσίαι ευρίσκονται εις διαρκή επιφυλακήν και η βοήθεια διατίθεται άμεσα εις τους πληγέντας. Κατά τας ιδίας πληροφορίας, αι εργασίαι συνεχίζονται με εντατικόν ρυθμόν, ενώ αναμένονται νεώτεραι ανακοινώσεις εντός των προσεχών ημερών. Ο υπουργός ετόνισεν ότι το κράτος θα σταθή αρωγός εις όλους τους πολίτας και ότι ουδεμία καθυστέρησις θα σημειωθή εις την εκτέλεσιν του προγράμματος.

Εκ των πληροφοριών προκύπτει ότι η κυβέρνησις έλαβε τα αναγκαία μέτρα δια την αποκατάστασιν των ζημιών. Αι αρμόδιαι υπηρεσίαι ευρίσκονται εις διαρκή επιφυλακήν και η βοήθεια διατίθεται άμεσα εις τους πληγέντας. Κατά τας ιδίας πληροφορίας, αι εργασίαι συνεχίζονται με εντατικόν ρυθμόν, ενώ αναμένονται νεώτεραι ανακοινώσεις εντός των προσεχών ημερών. Ο υπουργός ετόνισεν ότι το κράτος θα σταθή αρωγός εις όλους τους πολίτας και ότι ουδεμία καθυστέρησις θα σημειωθή εις την εκτέλεσιν του προγράμματος.

ΔΙΕΚΟΠΗΣΑΝ ΕΙΣ ΒΑΡΣΟΒΙΑΝ ΑΙ ΠΑΡΑΣΤΑΣΕΙΣ ΘΕΑΤΡΙΚΟΥ ΕΡΓΟΥ ΤΟΥ ΜΙΚΙΕΒΙΤΣ ΛΟΓΩ ΕΠΕΙΣΟΔΙΩΝ ΚΑΤΑ ΤΗΝ ΣΚΗΝΟΘΕΣΙΑΝ

Εκ των πληροφοριών προκύπτει ότι η κυβέρνησις έλαβε τα αναγκαία μέτρα δια την αποκατάστασιν των ζημιών. Αι αρμόδιαι υπηρεσίαι ευρίσκονται εις διαρκή επιφυλακήν και η βοήθεια διατίθεται άμεσα εις τους πληγέντας. Κατά τας ιδίας πληροφορίας, αι εργασίαι συνεχίζονται με εντατικόν ρυθμόν, ενώ αναμένονται νεώτεραι ανακοινώσεις εντός των προσεχών ημερών. Ο υπουργός ετόνισεν ότι το κράτος θα σταθή αρωγός εις όλους τους πολίτας και ότι ουδεμία καθυστέρησις θα σημειωθή εις την εκτέλεσιν του προγράμματος.

Η ΑΠΟΠΕΙΡΑ ΒΙΑΙΑΣ ΑΠΑΓΩΓΗΣ ΝΕΑΡΟΥ ΚΙΝΕΖΟΥ ΘΑ ΕΠΗΡΕΑΣΗ ΤΑΣ ΣΧΕΣΕΙΣ ΠΕΚΙΝΟΥ ΚΑΙ ΑΙΓΥΠΤΟΥ

Εκ των πληροφοριών προκύπτει ότι η κυβέρνησις έλαβε τα αναγκαία μέτρα δια την αποκατάστασιν των ζημιών. Αι αρμόδιαι υπηρεσίαι ευρίσκονται εις διαρκή επιφυλακήν και η βοήθεια διατίθεται άμεσα εις τους πληγέντας. Κατά τας ιδίας πληροφορίας, αι εργασίαι συνεχίζονται με εντατικόν ρυθμόν, ενώ αναμένονται νεώτεραι ανακοινώσεις εντός των προσεχών ημερών. Ο υπουργός ετόνισεν ότι το κράτος θα σταθή αρωγός εις όλους τους πολίτας και ότι ουδεμία καθυστέρησις θα σημειωθή εις την εκτέλεσιν του προγράμματος.

Ο ΡΑΣΚ ΕΞΗΡΕ ΤΟ ΕΡΓΟΝ ΤΩΝ ΕΘΕΛΟΝΤΙΚΩΝ ΣΩΜΑΤΩΝ ΔΙΑ ΤΗΝ ΕΠΙΤΥΧΙΑΝ ΤΩΝ ΠΟΛΙΤΙΣΤΙΚΩΝ ΑΝΤΑΛΛΑΓΩΝ

Εκ των πληροφοριών προκύπτει ότι η κυβέρνησις έλαβε τα αναγκαία μέτρα δια την αποκατάστασιν των ζημιών. Αι αρμόδιαι υπηρεσίαι ευρίσκονται εις διαρκή επιφυλακήν και η βοήθεια διατίθεται άμεσα εις τους πληγέντας. Κατά τας ιδίας πληροφορίας, αι εργασίαι συνεχίζονται με εντατικόν ρυθμόν, ενώ αναμένονται νεώτεραι ανακοινώσεις εντός των προσεχών ημερών. Ο υπουργός ετόνισεν ότι το κράτος θα σταθή αρωγός εις όλους τους πολίτας και ότι ουδεμία καθυστέρησις θα σημειωθή εις την εκτέλεσιν του προγράμματος.

Ο ΧΑΜΦΡΕΥ ΥΠΕΡΑΜΥΝΕΤΑΙ ΤΗΣ ΕΛΕΥΘΕΡΙΑΣ ΤΟΥ ΛΟΓΟΥ ΕΙΣ ΤΑΣ ΗΝΩΜΕΝΑΣ ΠΟΛΙΤΕΙΑΣ

Εκ των πληροφοριών προκύπτει ότι η κυβέρνησις έλαβε τα αναγκαία μέτρα δια την αποκατάστασιν των ζημιών. Αι αρμόδιαι υπηρεσίαι ευρίσκονται εις διαρκή επιφυλακήν και η βοήθεια διατίθεται άμεσα εις τους πληγέντας. Κατά τας ιδίας πληροφορίας, αι εργασίαι συνεχίζονται με εντατικόν ρυθμόν, ενώ αναμένονται νεώτεραι ανακοινώσεις εντός των προσεχών ημερών. Ο υπουργός ετόνισεν ότι το κράτος θα σταθή αρωγός εις όλους τους πολίτας και ότι ουδεμία καθυστέρησις θα σημειωθή εις την εκτέλεσιν του προγράμματος.

Η ΑΓΓΛΙΑ ΘΑ ΧΟΡΗΓΗΣΗ ΤΕΧΝΙΚΗΝ ΒΟΗΘΕΙΑΝ ΕΙΣ ΤΑΣ ΧΩΡΑΣ ΤΗΣ ΑΣΙΑΣ ΚΑΙ Μ. ΑΝΑΤΟΛΗΣ

Εκ των πληροφοριών προκύπτει ότι η κυβέρνησις έλαβε τα αναγκαία μέτρα δια την αποκατάστασιν των ζημιών. Αι αρμόδιαι υπηρεσίαι ευρίσκονται εις διαρκή επιφυλακήν και η βοήθεια διατίθεται άμεσα εις τους πληγέντας. Κατά τας ιδίας πληροφορίας, αι εργασίαι συνεχίζονται με εντατικόν ρυθμόν, ενώ αναμένονται νεώτεραι ανακοινώσεις εντός των προσεχών ημερών. Ο υπουργός ετόνισεν ότι το κράτος θα σταθή αρωγός εις όλους τους πολίτας και ότι ουδεμία καθυστέρησις θα σημειωθή εις την εκτέλεσιν του προγράμματος.

Ο ΠΡΩΤΟΣ ΠΡΟΕΔΡΟΣ
Η ΚΙΝΑ ΔΕΝ ΔΕΧΕΤΑΙ ΤΟΥΣ ΥΠΗΚΟΟΥΣ ΤΗΣ ΤΟΥΣ ΑΠΕΛΑΥΝΟΜΕΝΟΥΣ ΑΠΟ ΤΟ ΧΟΓΚ ΚΟΓΚ

Εκ των πληροφοριών προκύπτει ότι η κυβέρνησις έλαβε τα αναγκαία μέτρα δια την αποκατάστασιν των ζημιών. Αι αρμόδιαι υπηρεσίαι ευρίσκονται εις διαρκή επιφυλακήν και η βοήθεια διατίθεται άμεσα εις τους πληγέντας. Κατά τας ιδίας πληροφορίας, αι εργασίαι συνεχίζονται με εντατικόν ρυθμόν, ενώ αναμένονται νεώτεραι ανακοινώσεις εντός των προσεχών ημερών. Ο υπουργός ετόνισεν ότι το κράτος θα σταθή αρωγός εις όλους τους πολίτας και ότι ουδεμία καθυστέρησις θα σημειωθή εις την εκτέλεσιν του προγράμματος.

Εκ των πληροφοριών προκύπτει ότι η κυβέρνησις έλαβε τα αναγκαία μέτρα δια την αποκατάστασιν των ζημιών. Αι αρμόδιαι υπηρεσίαι ευρίσκονται εις διαρκή επιφυλακήν και η βοήθεια διατίθεται άμεσα εις τους πληγέντας. Κατά τας ιδίας πληροφορίας, αι εργασίαι συνεχίζονται με εντατικόν ρυθμόν, ενώ αναμένονται νεώτεραι ανακοινώσεις εντός των προσεχών ημερών. Ο υπουργός ετόνισεν ότι το κράτος θα σταθή αρωγός εις όλους τους πολίτας και ότι ουδεμία καθυστέρησις θα σημειωθή εις την εκτέλεσιν του προγράμματος.

Εκ των πληροφοριών προκύπτει ότι η κυβέρνησις έλαβε τα αναγκαία μέτρα δια την αποκατάστασιν των ζημιών. Αι αρμόδιαι υπηρεσίαι ευρίσκονται εις διαρκή επιφυλακήν και η βοήθεια διατίθεται άμεσα εις τους πληγέντας. Κατά τας ιδίας πληροφορίας, αι εργασίαι συνεχίζονται με εντατικόν ρυθμόν, ενώ αναμένονται νεώτεραι ανακοινώσεις εντός των προσεχών ημερών. Ο υπουργός ετόνισεν ότι το κράτος θα σταθή αρωγός εις όλους τους πολίτας και ότι ουδεμία καθυστέρησις θα σημειωθή εις την εκτέλεσιν του προγράμματος.

Εκ των πληροφοριών προκύπτει ότι η κυβέρνησις έλαβε τα αναγκαία μέτρα δια την αποκατάστασιν των ζημιών. Αι αρμόδιαι υπηρεσίαι ευρίσκονται εις διαρκή επιφυλακήν και η βοήθεια διατίθεται άμεσα εις τους πληγέντας. Κατά τας ιδίας πληροφορίας, αι εργασίαι συνεχίζονται με εντατικόν ρυθμόν, ενώ αναμένονται νεώτεραι ανακοινώσεις εντός των προσεχών ημερών. Ο υπουργός ετόνισεν ότι το κράτος θα σταθή αρωγός εις όλους τους πολίτας και ότι ουδεμία καθυστέρησις θα σημειωθή εις την εκτέλεσιν του προγράμματος.

Εκ των πληροφοριών προκύπτει ότι η κυβέρνησις έλαβε τα αναγκαία μέτρα δια την αποκατάστασιν των ζημιών. Αι αρμόδιαι υπηρεσίαι ευρίσκονται εις διαρκή επιφυλακήν και η βοήθεια διατίθεται άμεσα εις τους πληγέντας. Κατά τας ιδίας πληροφορίας, αι εργασίαι συνεχίζονται με εντατικόν ρυθμόν, ενώ αναμένονται νεώτεραι ανακοινώσεις εντός των προσεχών ημερών. Ο υπουργός ετόνισεν ότι το κράτος θα σταθή αρωγός εις όλους τους πολίτας και ότι ουδεμία καθυστέρησις θα σημειωθή εις την εκτέλεσιν του προγράμματος.

Εκ των πληροφοριών προκύπτει ότι η κυβέρνησις έλαβε τα αναγκαία μέτρα δια την αποκατάστασιν των ζημιών. Αι αρμόδιαι υπηρεσίαι ευρίσκονται εις διαρκή επιφυλακήν και η βοήθεια διατίθεται άμεσα εις τους πληγέντας. Κατά τας ιδίας πληροφορίας, αι εργασίαι συνεχίζονται με εντατικόν ρυθμόν, ενώ αναμένονται νεώτεραι ανακοινώσεις εντός των προσεχών ημερών. Ο υπουργός ετόνισεν ότι το κράτος θα σταθή αρωγός εις όλους τους πολίτας και ότι ουδεμία καθυστέρησις θα σημειωθή εις την εκτέλεσιν του προγράμματος.

ΠΟΙΟΙ ΠΑΡΕΣΤΑΝΤΟ

Εκ των πληροφοριών προκύπτει ότι η κυβέρνησις έλαβε τα αναγκαία μέτρα δια την αποκατάστασιν των ζημιών. Αι αρμόδιαι υπηρεσίαι ευρίσκονται εις διαρκή επιφυλακήν και η βοήθεια διατίθεται άμεσα εις τους πληγέντας. Κατά τας ιδίας πληροφορίας, αι εργασίαι συνεχίζονται με εντατικόν ρυθμόν, ενώ αναμένονται νεώτεραι ανακοινώσεις εντός των προσεχών ημερών. Ο υπουργός ετόνισεν ότι το κράτος θα σταθή αρωγός εις όλους τους πολίτας και ότι ουδεμία καθυστέρησις θα σημειωθή εις την εκτέλεσιν του προγράμματος.

Εκ των πληροφοριών προκύπτει ότι η κυβέρνησις έλαβε τα αναγκαία μέτρα δια την αποκατάστασιν των ζημιών. Αι αρμόδιαι υπηρεσίαι ευρίσκονται εις διαρκή επιφυλακήν και η βοήθεια διατίθεται άμεσα εις τους πληγέντας. Κατά τας ιδίας πληροφορίας, αι εργασίαι συνεχίζονται με εντατικόν ρυθμόν, ενώ αναμένονται νεώτεραι ανακοινώσεις εντός των προσεχών ημερών. Ο υπουργός ετόνισεν ότι το κράτος θα σταθή αρωγός εις όλους τους πολίτας και ότι ουδεμία καθυστέρησις θα σημειωθή εις την εκτέλεσιν του προγράμματος.
